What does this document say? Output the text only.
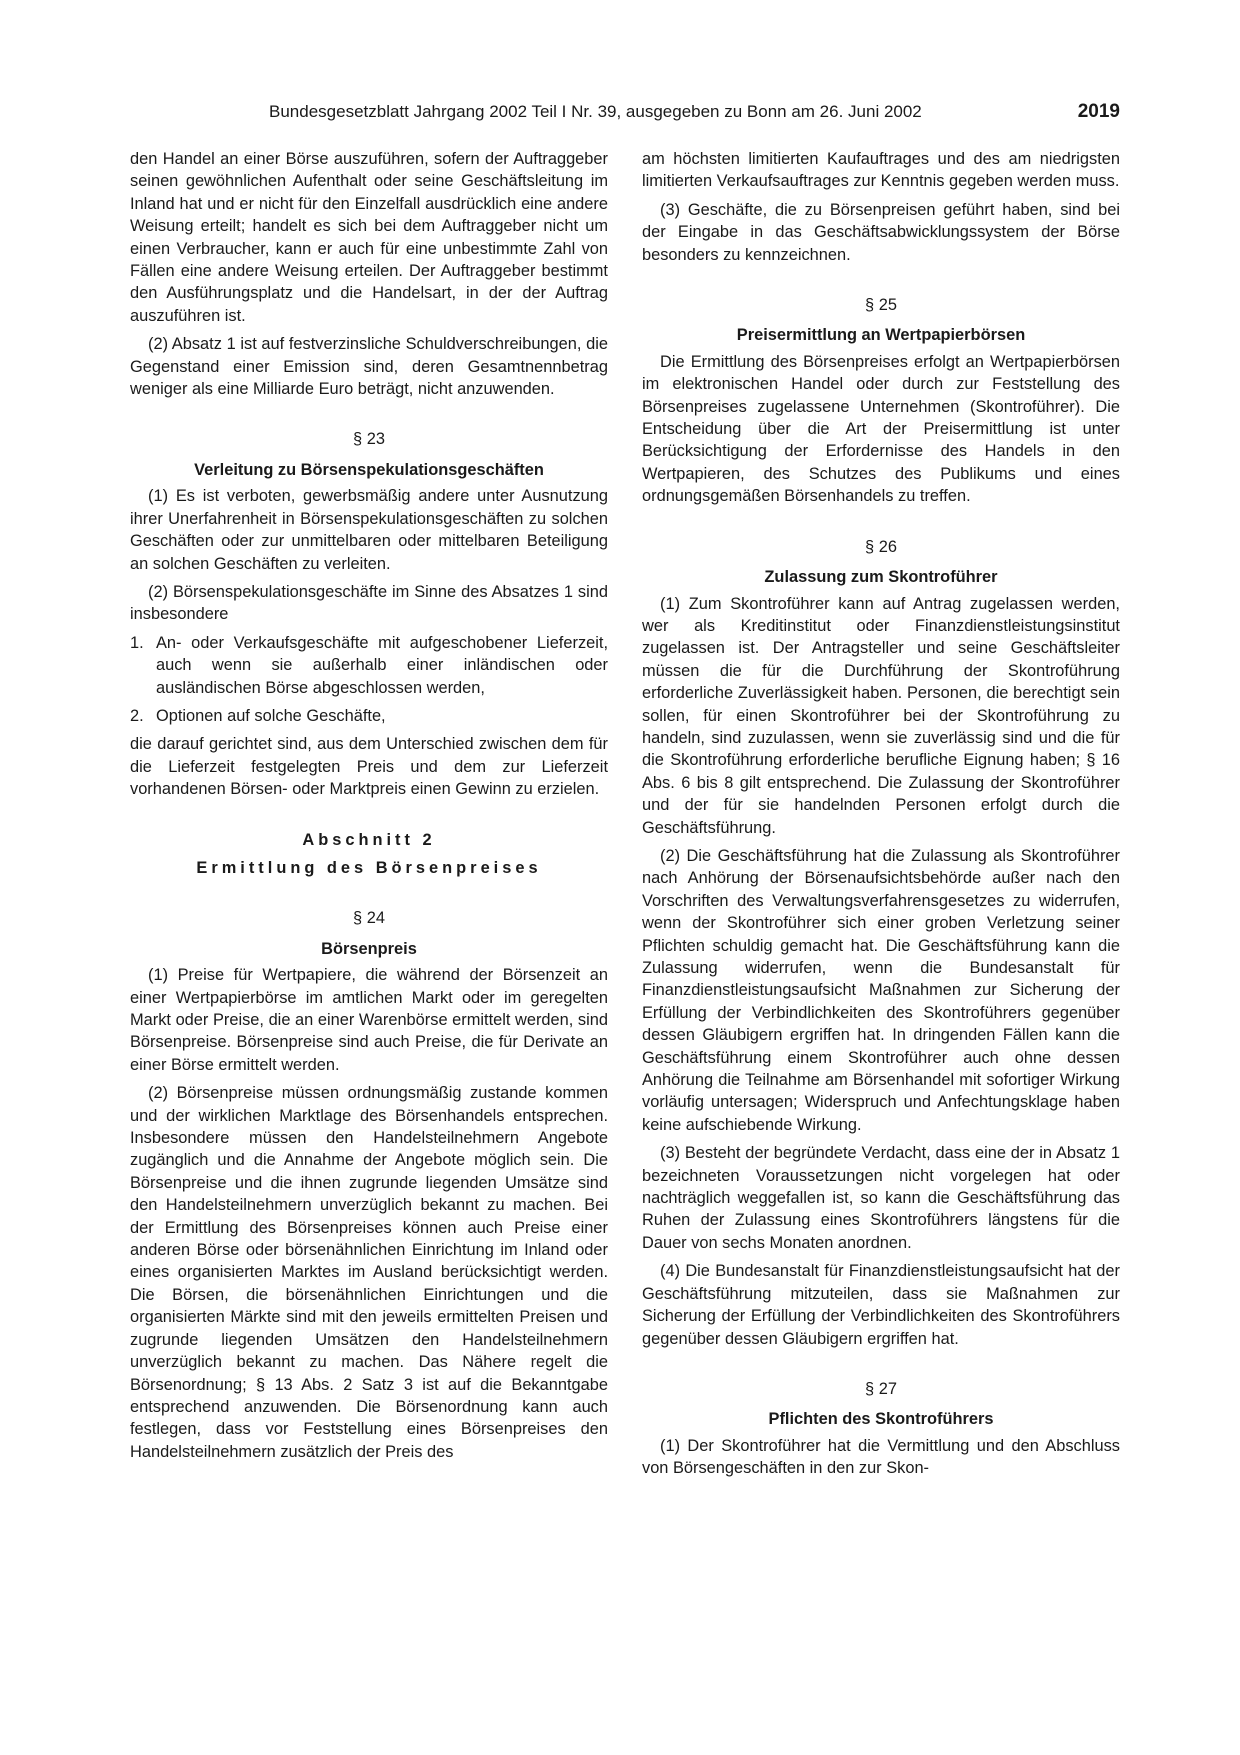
Bundesgesetzblatt Jahrgang 2002 Teil I Nr. 39, ausgegeben zu Bonn am 26. Juni 2002	2019

den Handel an einer Börse auszuführen, sofern der Auftraggeber seinen gewöhnlichen Aufenthalt oder seine Geschäftsleitung im Inland hat und er nicht für den Einzelfall ausdrücklich eine andere Weisung erteilt; handelt es sich bei dem Auftraggeber nicht um einen Verbraucher, kann er auch für eine unbestimmte Zahl von Fällen eine andere Weisung erteilen. Der Auftraggeber bestimmt den Ausführungsplatz und die Handelsart, in der der Auftrag auszuführen ist.

(2) Absatz 1 ist auf festverzinsliche Schuldverschreibungen, die Gegenstand einer Emission sind, deren Gesamtnennbetrag weniger als eine Milliarde Euro beträgt, nicht anzuwenden.

§ 23
Verleitung zu Börsenspekulationsgeschäften

(1) Es ist verboten, gewerbsmäßig andere unter Ausnutzung ihrer Unerfahrenheit in Börsenspekulationsgeschäften zu solchen Geschäften oder zur unmittelbaren oder mittelbaren Beteiligung an solchen Geschäften zu verleiten.

(2) Börsenspekulationsgeschäfte im Sinne des Absatzes 1 sind insbesondere

1. An- oder Verkaufsgeschäfte mit aufgeschobener Lieferzeit, auch wenn sie außerhalb einer inländischen oder ausländischen Börse abgeschlossen werden,
2. Optionen auf solche Geschäfte,

die darauf gerichtet sind, aus dem Unterschied zwischen dem für die Lieferzeit festgelegten Preis und dem zur Lieferzeit vorhandenen Börsen- oder Marktpreis einen Gewinn zu erzielen.

Abschnitt 2
Ermittlung des Börsenpreises
§ 24
Börsenpreis

(1) Preise für Wertpapiere, die während der Börsenzeit an einer Wertpapierbörse im amtlichen Markt oder im geregelten Markt oder Preise, die an einer Warenbörse ermittelt werden, sind Börsenpreise. Börsenpreise sind auch Preise, die für Derivate an einer Börse ermittelt werden.

(2) Börsenpreise müssen ordnungsmäßig zustande kommen und der wirklichen Marktlage des Börsenhandels entsprechen. Insbesondere müssen den Handelsteilnehmern Angebote zugänglich und die Annahme der Angebote möglich sein. Die Börsenpreise und die ihnen zugrunde liegenden Umsätze sind den Handelsteilnehmern unverzüglich bekannt zu machen. Bei der Ermittlung des Börsenpreises können auch Preise einer anderen Börse oder börsenähnlichen Einrichtung im Inland oder eines organisierten Marktes im Ausland berücksichtigt werden. Die Börsen, die börsenähnlichen Einrichtungen und die organisierten Märkte sind mit den jeweils ermittelten Preisen und zugrunde liegenden Umsätzen den Handelsteilnehmern unverzüglich bekannt zu machen. Das Nähere regelt die Börsenordnung; § 13 Abs. 2 Satz 3 ist auf die Bekanntgabe entsprechend anzuwenden. Die Börsenordnung kann auch festlegen, dass vor Feststellung eines Börsenpreises den Handelsteilnehmern zusätzlich der Preis des

am höchsten limitierten Kaufauftrages und des am niedrigsten limitierten Verkaufsauftrages zur Kenntnis gegeben werden muss.

(3) Geschäfte, die zu Börsenpreisen geführt haben, sind bei der Eingabe in das Geschäftsabwicklungssystem der Börse besonders zu kennzeichnen.

§ 25
Preisermittlung an Wertpapierbörsen

Die Ermittlung des Börsenpreises erfolgt an Wertpapierbörsen im elektronischen Handel oder durch zur Feststellung des Börsenpreises zugelassene Unternehmen (Skontroführer). Die Entscheidung über die Art der Preisermittlung ist unter Berücksichtigung der Erfordernisse des Handels in den Wertpapieren, des Schutzes des Publikums und eines ordnungsgemäßen Börsenhandels zu treffen.

§ 26
Zulassung zum Skontroführer

(1) Zum Skontroführer kann auf Antrag zugelassen werden, wer als Kreditinstitut oder Finanzdienstleistungsinstitut zugelassen ist. Der Antragsteller und seine Geschäftsleiter müssen die für die Durchführung der Skontroführung erforderliche Zuverlässigkeit haben. Personen, die berechtigt sein sollen, für einen Skontroführer bei der Skontroführung zu handeln, sind zuzulassen, wenn sie zuverlässig sind und die für die Skontroführung erforderliche berufliche Eignung haben; § 16 Abs. 6 bis 8 gilt entsprechend. Die Zulassung der Skontroführer und der für sie handelnden Personen erfolgt durch die Geschäftsführung.

(2) Die Geschäftsführung hat die Zulassung als Skontroführer nach Anhörung der Börsenaufsichtsbehörde außer nach den Vorschriften des Verwaltungsverfahrensgesetzes zu widerrufen, wenn der Skontroführer sich einer groben Verletzung seiner Pflichten schuldig gemacht hat. Die Geschäftsführung kann die Zulassung widerrufen, wenn die Bundesanstalt für Finanzdienstleistungsaufsicht Maßnahmen zur Sicherung der Erfüllung der Verbindlichkeiten des Skontroführers gegenüber dessen Gläubigern ergriffen hat. In dringenden Fällen kann die Geschäftsführung einem Skontroführer auch ohne dessen Anhörung die Teilnahme am Börsenhandel mit sofortiger Wirkung vorläufig untersagen; Widerspruch und Anfechtungsklage haben keine aufschiebende Wirkung.

(3) Besteht der begründete Verdacht, dass eine der in Absatz 1 bezeichneten Voraussetzungen nicht vorgelegen hat oder nachträglich weggefallen ist, so kann die Geschäftsführung das Ruhen der Zulassung eines Skontroführers längstens für die Dauer von sechs Monaten anordnen.

(4) Die Bundesanstalt für Finanzdienstleistungsaufsicht hat der Geschäftsführung mitzuteilen, dass sie Maßnahmen zur Sicherung der Erfüllung der Verbindlichkeiten des Skontroführers gegenüber dessen Gläubigern ergriffen hat.

§ 27
Pflichten des Skontroführers

(1) Der Skontroführer hat die Vermittlung und den Abschluss von Börsengeschäften in den zur Skon-
